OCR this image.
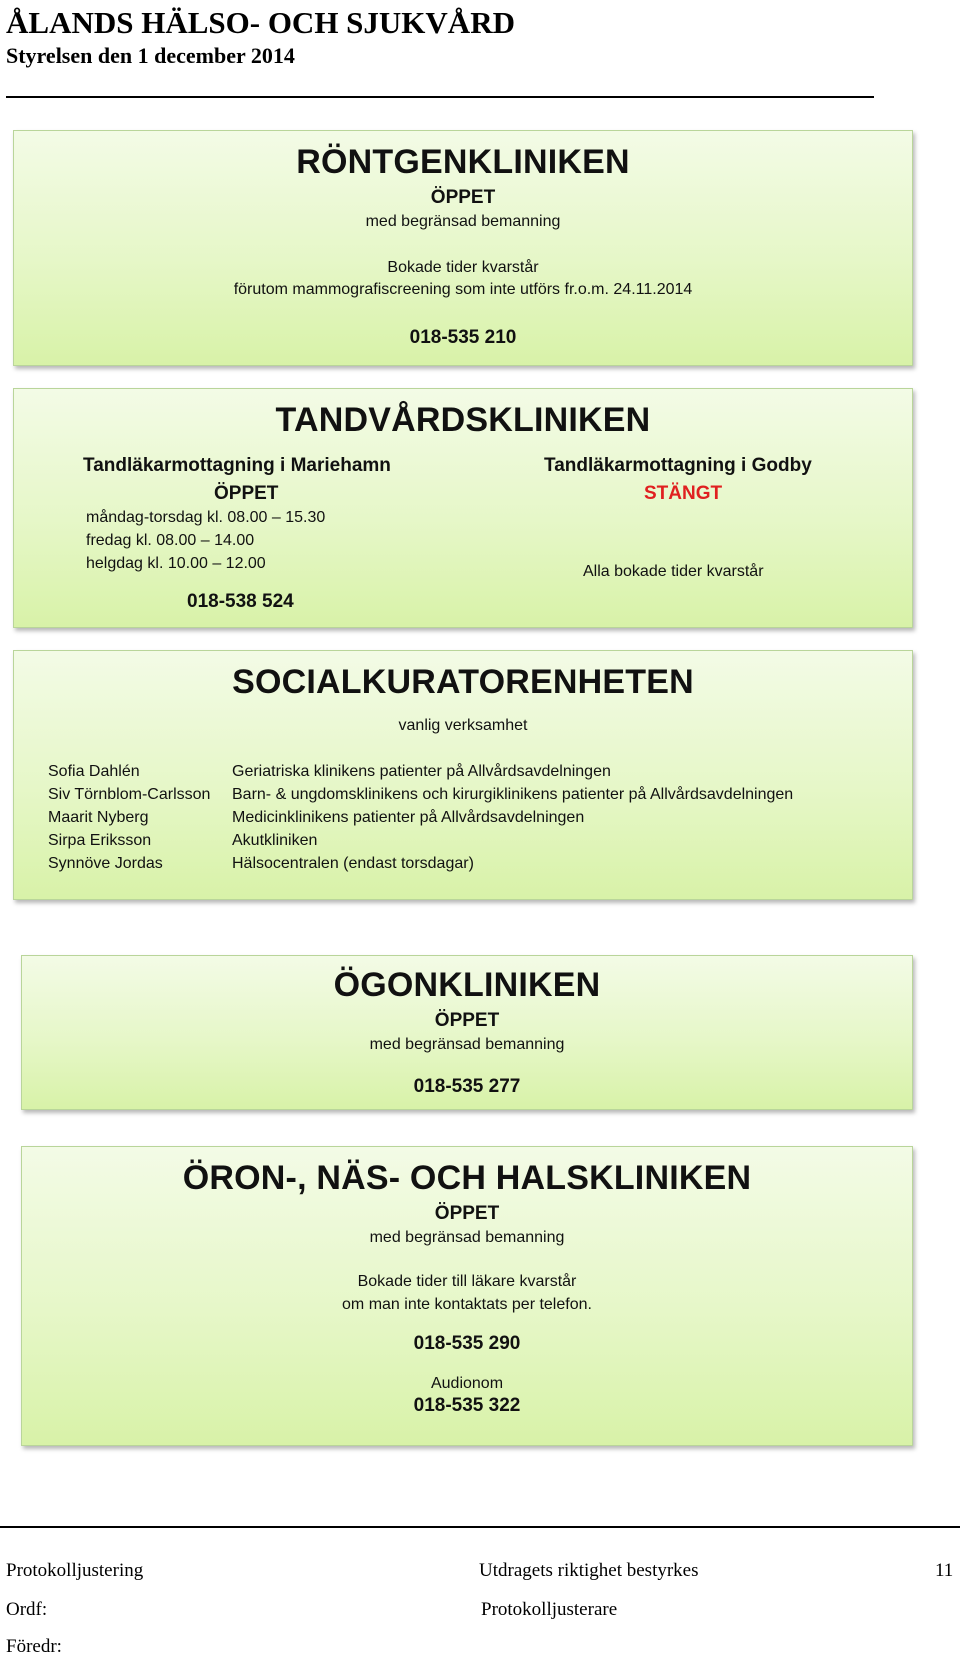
ÅLANDS HÄLSO- OCH SJUKVÅRD
Styrelsen den 1 december 2014
RÖNTGENKLINIKEN
ÖPPET
med begränsad bemanning
Bokade tider kvarstår
förutom mammografiscreening som inte utförs fr.o.m. 24.11.2014
018-535 210
TANDVÅRDSKLINIKEN
Tandläkarmottagning i Mariehamn
ÖPPET
måndag-torsdag kl. 08.00 – 15.30
fredag kl. 08.00 – 14.00
helgdag kl. 10.00 – 12.00
018-538 524
Tandläkarmottagning i Godby
STÄNGT
Alla bokade tider kvarstår
SOCIALKURATORENHETEN
vanlig verksamhet
Sofia Dahlén	Geriatriska klinikens patienter på Allvårdsavdelningen
Siv Törnblom-Carlsson Barn- & ungdomsklinikens och kirurgiklinikens patienter på Allvårdsavdelningen
Maarit Nyberg	Medicinklinikens patienter på Allvårdsavdelningen
Sirpa Eriksson	Akutkliniken
Synnöve Jordas	Hälsocentralen (endast torsdagar)
ÖGONKLINIKEN
ÖPPET
med begränsad bemanning
018-535 277
ÖRON-, NÄS- OCH HALSKLINIKEN
ÖPPET
med begränsad bemanning
Bokade tider till läkare kvarstår
om man inte kontaktats per telefon.
018-535 290
Audionom
018-535 322
Protokolljustering	Utdragets riktighet bestyrkes	11
Ordf:	Protokolljusterare
Föredr:
